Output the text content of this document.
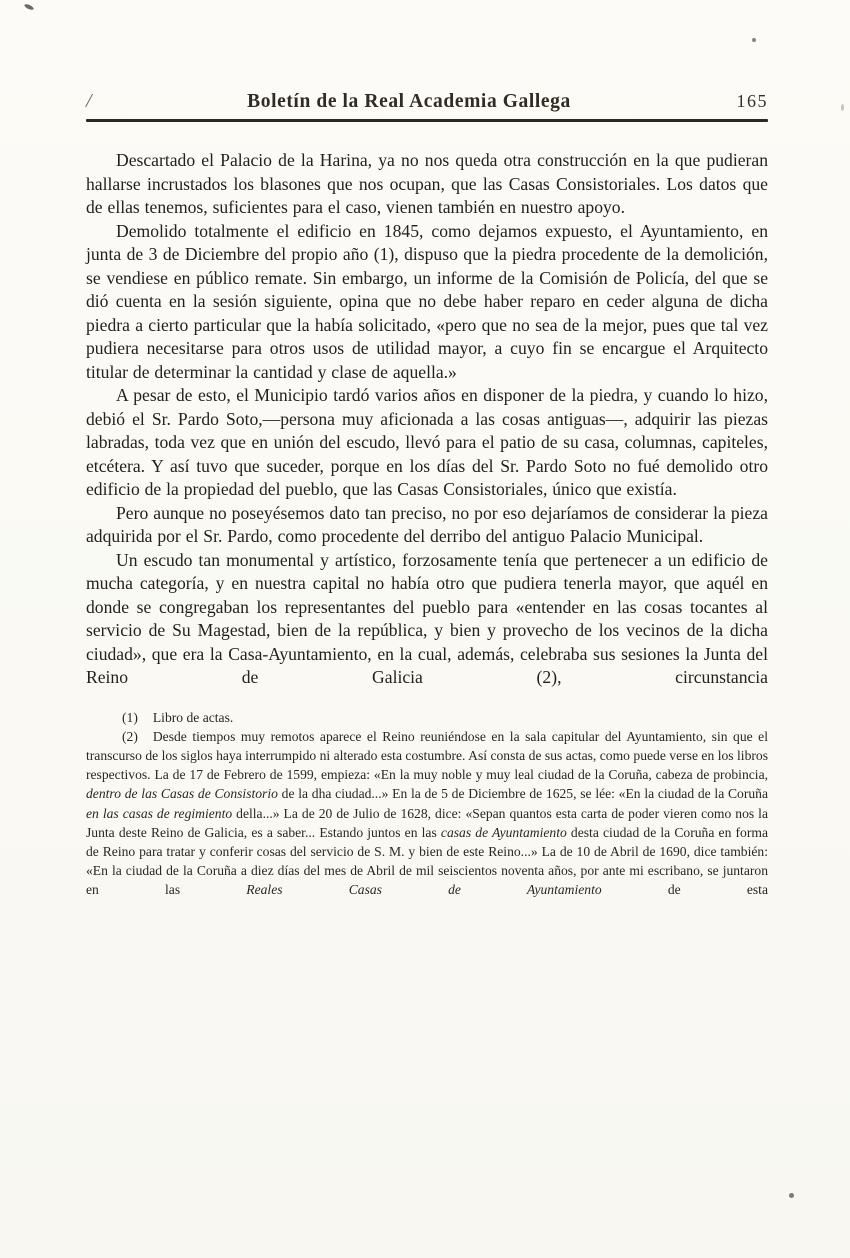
/	Boletín de la Real Academia Gallega	165

Descartado el Palacio de la Harina, ya no nos queda otra construcción en la que pudieran hallarse incrustados los blasones que nos ocupan, que las Casas Consistoriales. Los datos que de ellas tenemos, suficientes para el caso, vienen también en nuestro apoyo.

Demolido totalmente el edificio en 1845, como dejamos expuesto, el Ayuntamiento, en junta de 3 de Diciembre del propio año (1), dispuso que la piedra procedente de la demolición, se vendiese en público remate. Sin embargo, un informe de la Comisión de Policía, del que se dió cuenta en la sesión siguiente, opina que no debe haber reparo en ceder alguna de dicha piedra a cierto particular que la había solicitado, «pero que no sea de la mejor, pues que tal vez pudiera necesitarse para otros usos de utilidad mayor, a cuyo fin se encargue el Arquitecto titular de determinar la cantidad y clase de aquella.»

A pesar de esto, el Municipio tardó varios años en disponer de la piedra, y cuando lo hizo, debió el Sr. Pardo Soto,—persona muy aficionada a las cosas antiguas—, adquirir las piezas labradas, toda vez que en unión del escudo, llevó para el patio de su casa, columnas, capiteles, etcétera. Y así tuvo que suceder, porque en los días del Sr. Pardo Soto no fué demolido otro edificio de la propiedad del pueblo, que las Casas Consistoriales, único que existía.

Pero aunque no poseyésemos dato tan preciso, no por eso dejaríamos de considerar la pieza adquirida por el Sr. Pardo, como procedente del derribo del antiguo Palacio Municipal.

Un escudo tan monumental y artístico, forzosamente tenía que pertenecer a un edificio de mucha categoría, y en nuestra capital no había otro que pudiera tenerla mayor, que aquél en donde se congregaban los representantes del pueblo para «entender en las cosas tocantes al servicio de Su Magestad, bien de la república, y bien y provecho de los vecinos de la dicha ciudad», que era la Casa-Ayuntamiento, en la cual, además, celebraba sus sesiones la Junta del Reino de Galicia (2), circunstancia

(1) Libro de actas.

(2) Desde tiempos muy remotos aparece el Reino reuniéndose en la sala capitular del Ayuntamiento, sin que el transcurso de los siglos haya interrumpido ni alterado esta costumbre. Así consta de sus actas, como puede verse en los libros respectivos. La de 17 de Febrero de 1599, empieza: «En la muy noble y muy leal ciudad de la Coruña, cabeza de probincia, dentro de las Casas de Consistorio de la dha ciudad...» En la de 5 de Diciembre de 1625, se lée: «En la ciudad de la Coruña en las casas de regimiento della...» La de 20 de Julio de 1628, dice: «Sepan quantos esta carta de poder vieren como nos la Junta deste Reino de Galicia, es a saber... Estando juntos en las casas de Ayuntamiento desta ciudad de la Coruña en forma de Reino para tratar y conferir cosas del servicio de S. M. y bien de este Reino...» La de 10 de Abril de 1690, dice también: «En la ciudad de la Coruña a diez días del mes de Abril de mil seiscientos noventa años, por ante mi escribano, se juntaron en las Reales Casas de Ayuntamiento de esta
